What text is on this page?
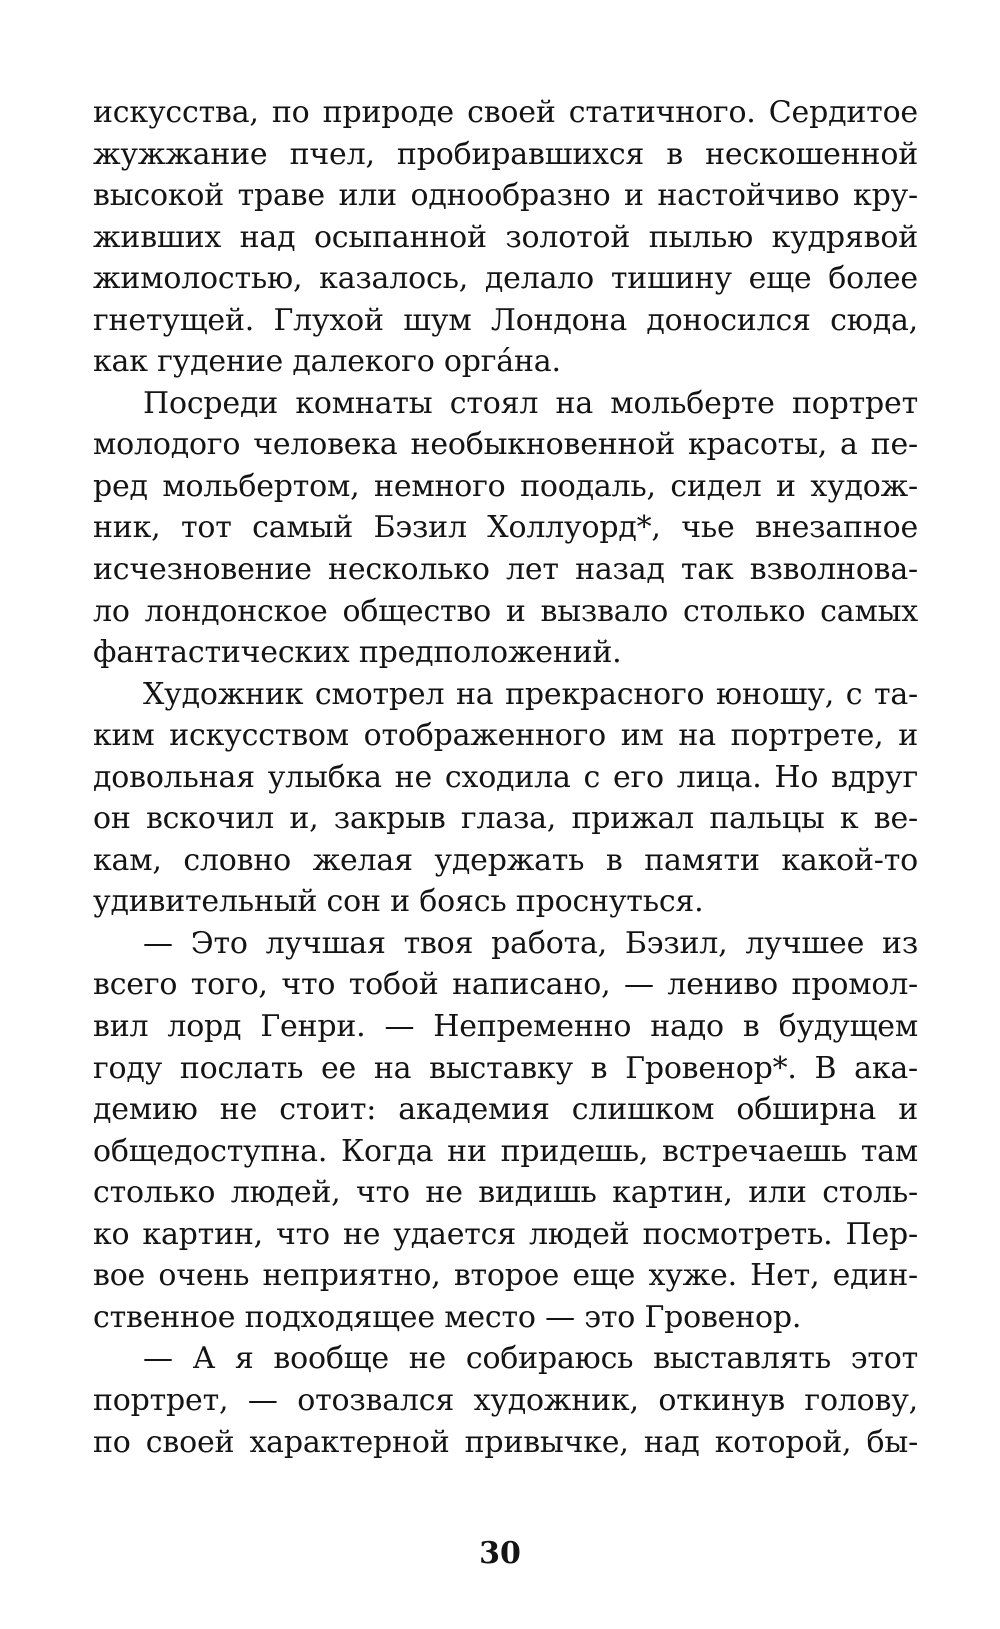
искусства, по природе своей статичного. Сердитое
жужжание пчел, пробиравшихся в нескошенной
высокой траве или однообразно и настойчиво кру-
живших над осыпанной золотой пылью кудрявой
жимолостью, казалось, делало тишину еще более
гнетущей. Глухой шум Лондона доносился сюда,
как гудение далекого орга́на.
Посреди комнаты стоял на мольберте портрет
молодого человека необыкновенной красоты, а пе-
ред мольбертом, немного поодаль, сидел и худож-
ник, тот самый Бэзил Холлуорд*, чье внезапное
исчезновение несколько лет назад так взволнова-
ло лондонское общество и вызвало столько самых
фантастических предположений.
Художник смотрел на прекрасного юношу, с та-
ким искусством отображенного им на портрете, и
довольная улыбка не сходила с его лица. Но вдруг
он вскочил и, закрыв глаза, прижал пальцы к ве-
кам, словно желая удержать в памяти какой-то
удивительный сон и боясь проснуться.
— Это лучшая твоя работа, Бэзил, лучшее из
всего того, что тобой написано, — лениво промол-
вил лорд Генри. — Непременно надо в будущем
году послать ее на выставку в Гровенор*. В ака-
демию не стоит: академия слишком обширна и
общедоступна. Когда ни придешь, встречаешь там
столько людей, что не видишь картин, или столь-
ко картин, что не удается людей посмотреть. Пер-
вое очень неприятно, второе еще хуже. Нет, един-
ственное подходящее место — это Гровенор.
— А я вообще не собираюсь выставлять этот
портрет, — отозвался художник, откинув голову,
по своей характерной привычке, над которой, бы-
30
